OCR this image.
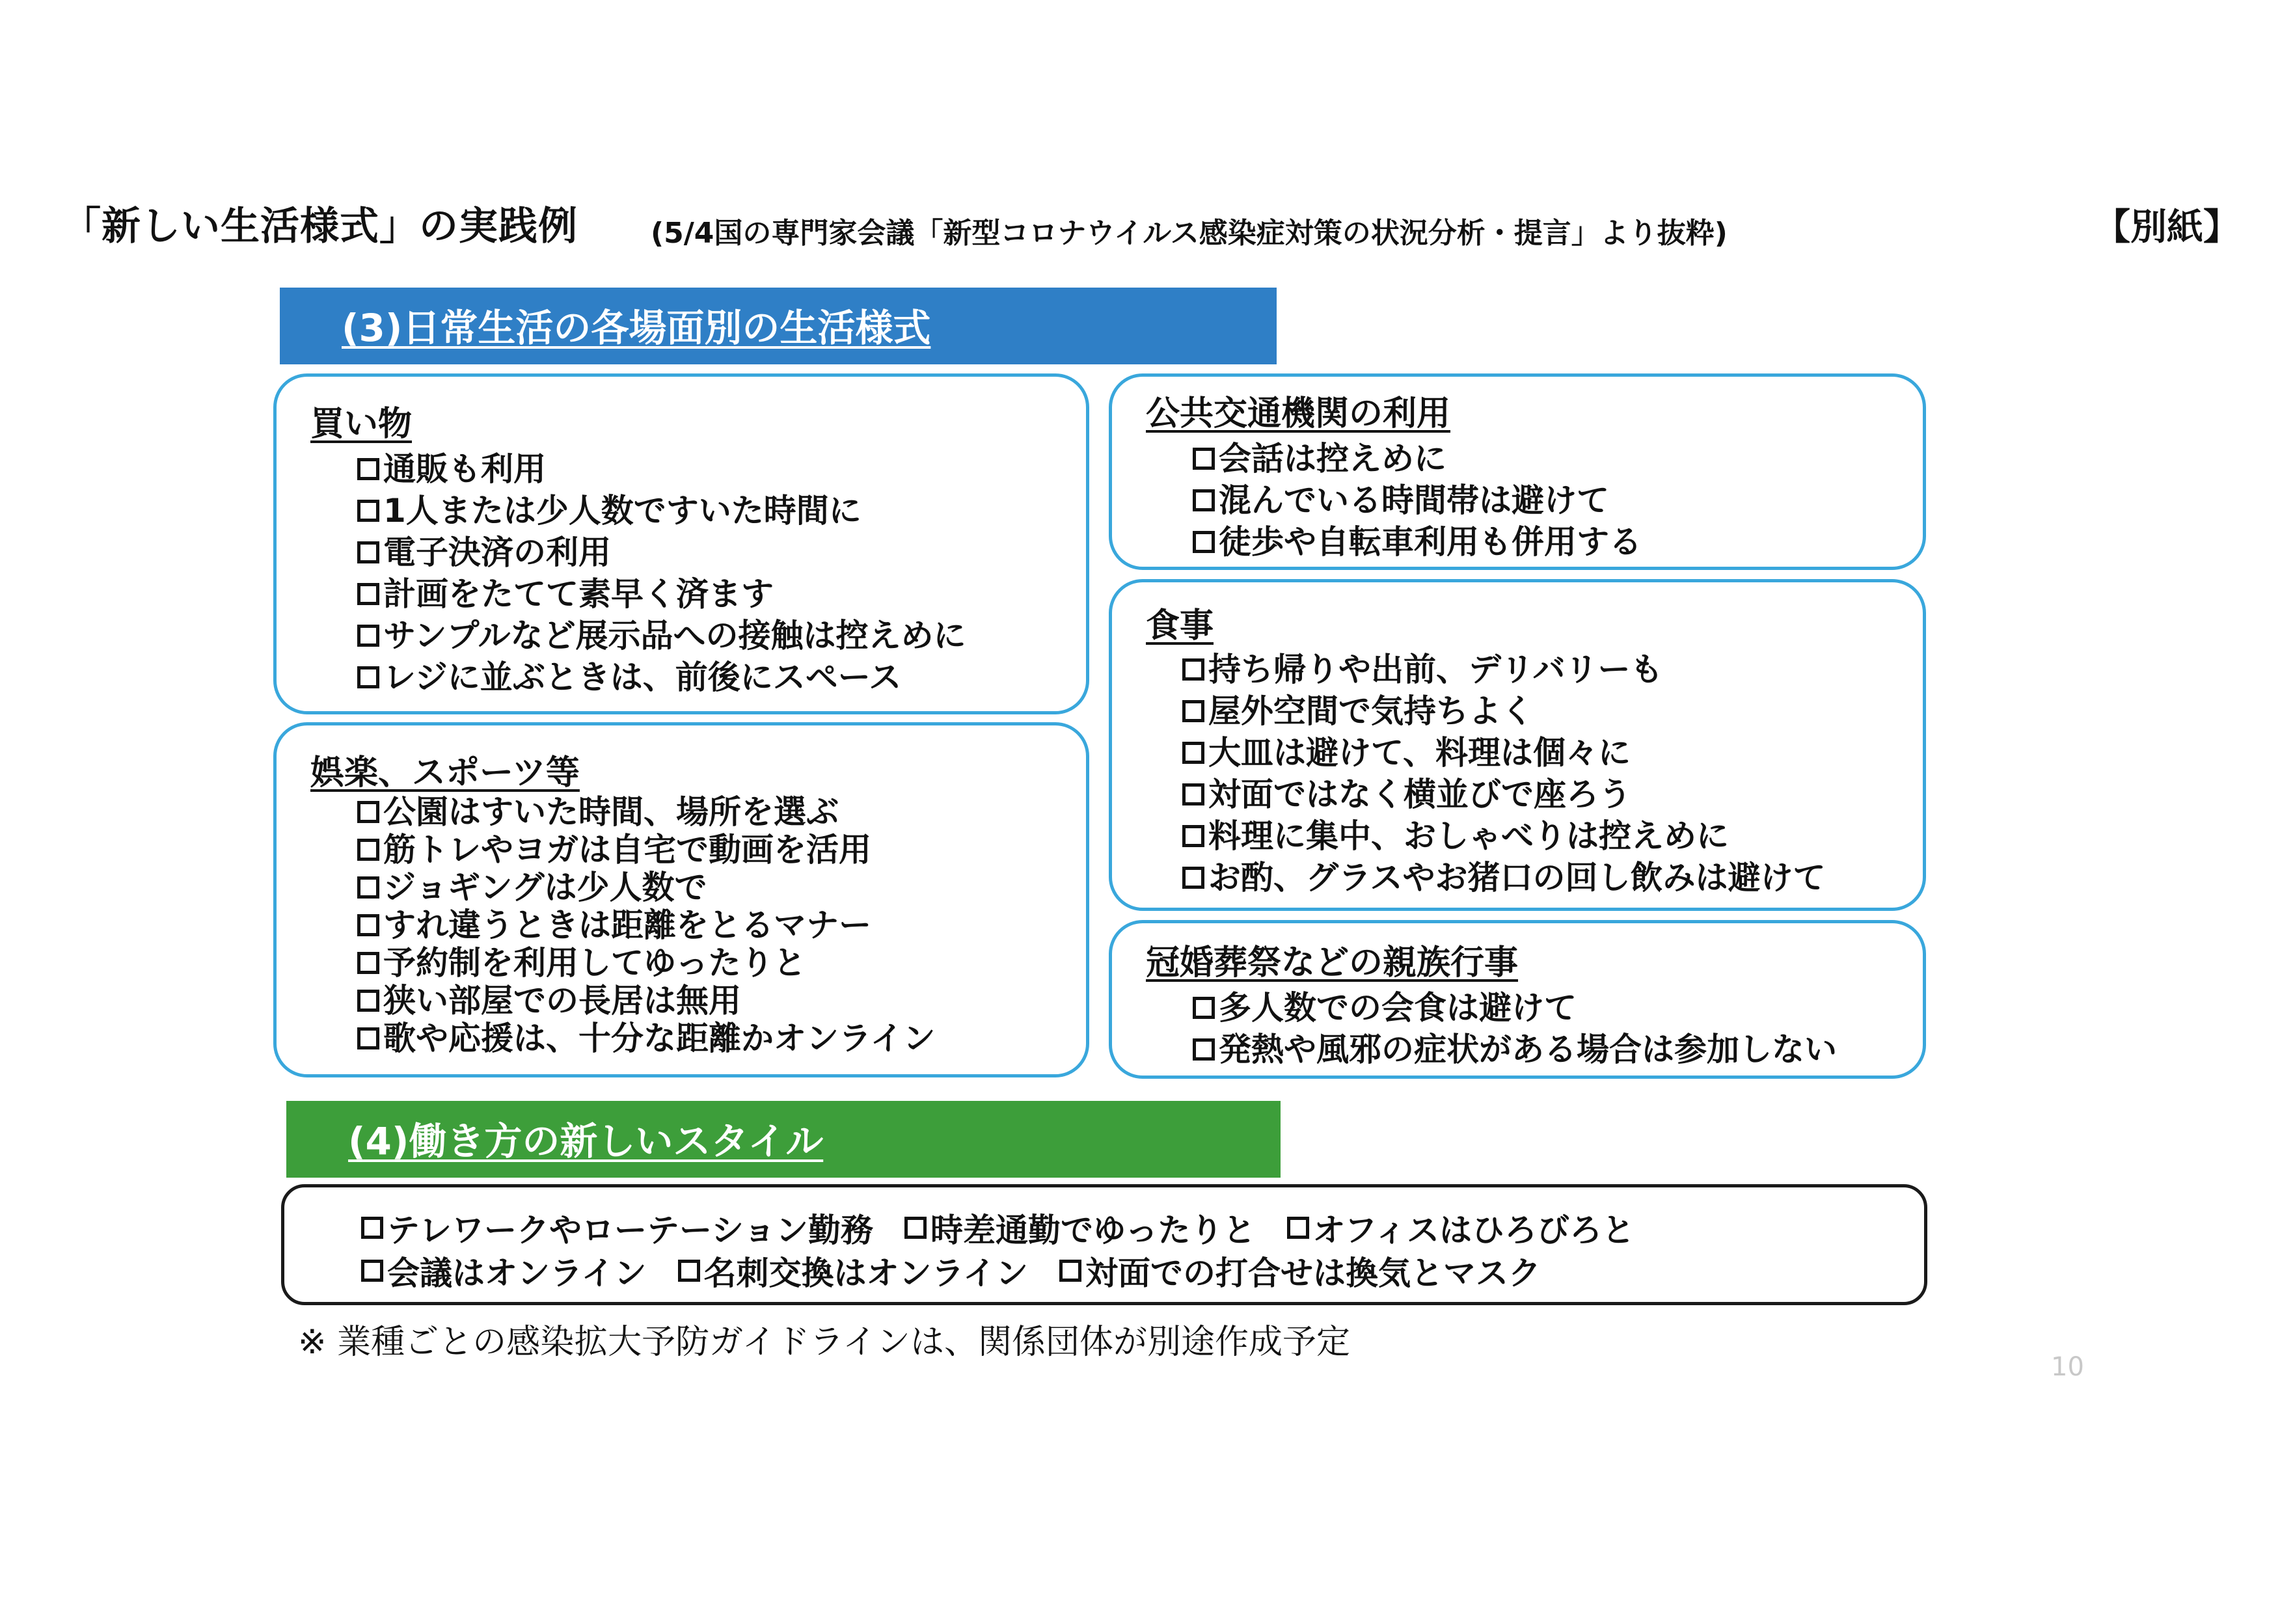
「新しい生活様式」の実践例	(5/4国の専門家会議「新型コロナウイルス感染症対策の状況分析・提言」より抜粋)	【別紙】
(3)日常生活の各場面別の生活様式
買い物
通販も利用
1人または少人数ですいた時間に
電子決済の利用
計画をたてて素早く済ます
サンプルなど展示品への接触は控えめに
レジに並ぶときは、前後にスペース
娯楽、スポーツ等
公園はすいた時間、場所を選ぶ
筋トレやヨガは自宅で動画を活用
ジョギングは少人数で
すれ違うときは距離をとるマナー
予約制を利用してゆったりと
狭い部屋での長居は無用
歌や応援は、十分な距離かオンライン
公共交通機関の利用
会話は控えめに
混んでいる時間帯は避けて
徒歩や自転車利用も併用する
食事
持ち帰りや出前、デリバリーも
屋外空間で気持ちよく
大皿は避けて、料理は個々に
対面ではなく横並びで座ろう
料理に集中、おしゃべりは控えめに
お酌、グラスやお猪口の回し飲みは避けて
冠婚葬祭などの親族行事
多人数での会食は避けて
発熱や風邪の症状がある場合は参加しない
(4)働き方の新しいスタイル
テレワークやローテーション勤務 時差通勤でゆったりと オフィスはひろびろと
会議はオンライン 名刺交換はオンライン 対面での打合せは換気とマスク
※ 業種ごとの感染拡大予防ガイドラインは、関係団体が別途作成予定
10
